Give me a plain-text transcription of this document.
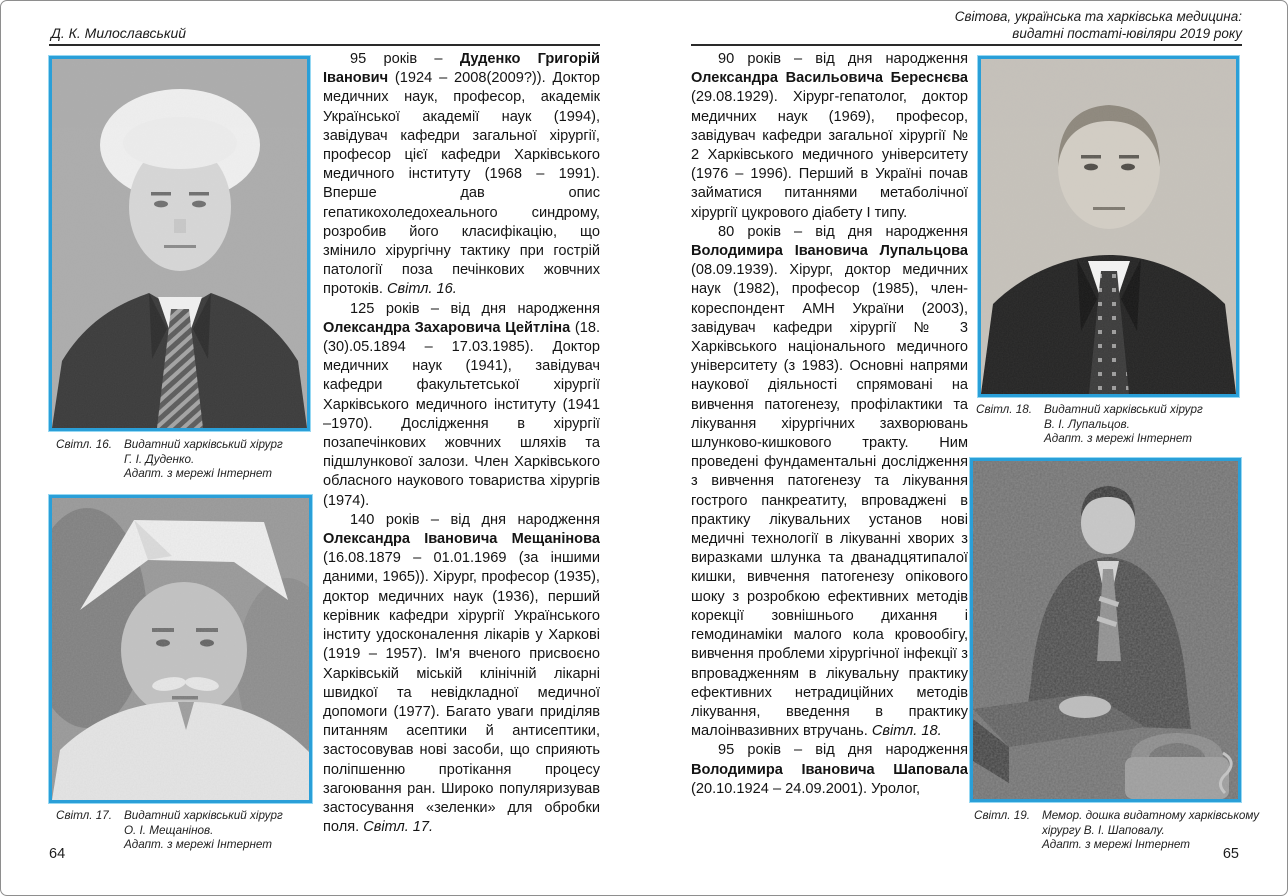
Д. К. Милославський
Світл. 16. Видатний харківський хірург
Г. І. Дуденко.
Адапт. з мережі Інтернет
Світл. 17. Видатний харківський хірург
О. І. Мещанінов.
Адапт. з мережі Інтернет

95 років – Дуденко Григорій Іванович (1924 – 2008(2009?)). Доктор медичних наук, професор, академік Української академії наук (1994), завідувач кафедри загальної хірургії, професор цієї кафедри Харківського медичного інституту (1968 – 1991). Вперше дав опис гепатикохоледохеального синдрому, розробив його класифікацію, що змінило хірургічну тактику при гострій патології поза печінкових жовчних протоків. Світл. 16.

125 років – від дня народження Олександра Захаровича Цейтліна (18.(30).05.1894 – 17.03.1985). Доктор медичних наук (1941), завідувач кафедри факультетської хірургії Харківського медичного інституту (1941 –1970). Дослідження в хірургії позапечінкових жовчних шляхів та підшлункової залози. Член Харківського обласного наукового товариства хірургів (1974).

140 років – від дня народження Олександра Івановича Мещанінова (16.08.1879 – 01.01.1969 (за іншими даними, 1965)). Хірург, професор (1935), доктор медичних наук (1936), перший керівник кафедри хірургії Українського інститу удосконалення лікарів у Харкові (1919 – 1957). Ім'я вченого присвоєно Харківській міській клінічній лікарні швидкої та невідкладної медичної допомоги (1977). Багато уваги приділяв питанням асептики й антисептики, застосовував нові засоби, що сприяють поліпшенню протікання процесу загоювання ран. Широко популяризував застосування «зеленки» для обробки поля. Світл. 17.

64
Світова, українська та харківська медицина:
видатні постаті-ювіляри 2019 року

90 років – від дня народження Олександра Васильовича Береснєва (29.08.1929). Хірург-гепатолог, доктор медичних наук (1969), професор, завідувач кафедри загальної хірургії № 2 Харківського медичного університету (1976 – 1996). Перший в Україні почав займатися питаннями метаболічної хірургії цукрового діабету I типу.

80 років – від дня народження Володимира Івановича Лупальцова (08.09.1939). Хірург, доктор медичних наук (1982), професор (1985), член-кореспондент АМН України (2003), завідувач кафедри хірургії № 3 Харківського національного медичного університету (з 1983). Основні напрями наукової діяльності спрямовані на вивчення патогенезу, профілактики та лікування хірургічних захворювань шлунково-кишкового тракту. Ним проведені фундаментальні дослідження з вивчення патогенезу та лікування гострого панкреатиту, впроваджені в практику лікувальних установ нові медичні технології в лікуванні хворих з виразками шлунка та дванадцятипалої кишки, вивчення патогенезу опікового шоку з розробкою ефективних методів корекції зовнішнього дихання і гемодинаміки малого кола кровообігу, вивчення проблеми хірургічної інфекції з впровадженням в лікувальну практику ефективних нетрадиційних методів лікування, введення в практику малоінвазивних втручань. Світл. 18.

95 років – від дня народження Володимира Івановича Шаповала (20.10.1924 – 24.09.2001). Уролог,

Світл. 18. Видатний харківський хірург
В. І. Лупальцов.
Адапт. з мережі Інтернет
Світл. 19. Мемор. дошка видатному харківському
хірургу В. І. Шаповалу.
Адапт. з мережі Інтернет
65
